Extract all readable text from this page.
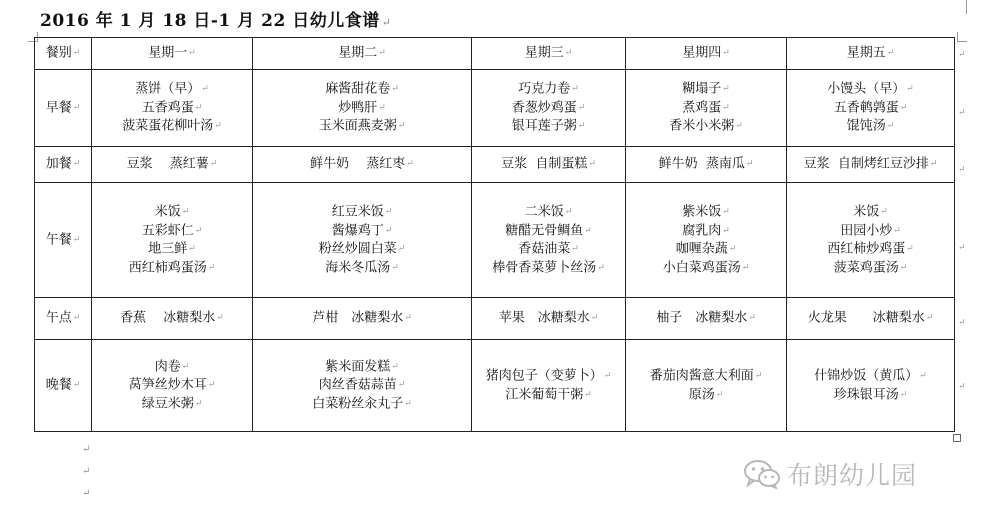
2016 年 1 月 18 日-1 月 22 日幼儿食谱 ↵
餐别↵	星期一↵	星期二↵	星期三↵	星期四↵	星期五↵
早餐↵	蒸饼（早）↵
五香鸡蛋↵
菠菜蛋花柳叶汤↵	麻酱甜花卷↵
炒鸭肝↵
玉米面燕麦粥↵	巧克力卷↵
香葱炒鸡蛋↵
银耳莲子粥↵	糊塌子↵
煮鸡蛋↵
香米小米粥↵	小馒头（早）↵
五香鹌鹑蛋↵
馄饨汤↵

加餐↵	豆浆　 蒸红薯↵	鲜牛奶　 蒸红枣↵	豆浆  自制蛋糕↵	鲜牛奶  蒸南瓜↵	豆浆  自制烤红豆沙排↵

午餐↵	米饭↵
五彩虾仁↵
地三鲜↵
西红柿鸡蛋汤↵	红豆米饭↵
酱爆鸡丁↵
粉丝炒圆白菜↵
海米冬瓜汤↵	二米饭↵
糖醋无骨鲷鱼↵
香菇油菜↵
棒骨香菜萝卜丝汤↵	紫米饭↵
腐乳肉↵
咖喱杂蔬↵
小白菜鸡蛋汤↵	米饭↵
田园小炒↵
西红柿炒鸡蛋↵
菠菜鸡蛋汤↵

午点↵	香蕉　 冰糖梨水↵	芦柑　冰糖梨水↵	苹果　冰糖梨水↵	柚子　冰糖梨水↵	火龙果　　冰糖梨水↵

晚餐↵	肉卷↵
莴笋丝炒木耳↵
绿豆米粥↵	紫米面发糕↵
肉丝香菇蒜苗↵
白菜粉丝汆丸子↵	猪肉包子（变萝卜）↵
江米葡萄干粥↵	番茄肉酱意大利面↵
原汤↵	什锦炒饭（黄瓜）↵
珍珠银耳汤↵
↵
↵
↵
↵
↵
↵
↵
↵
↵
布朗幼儿园
